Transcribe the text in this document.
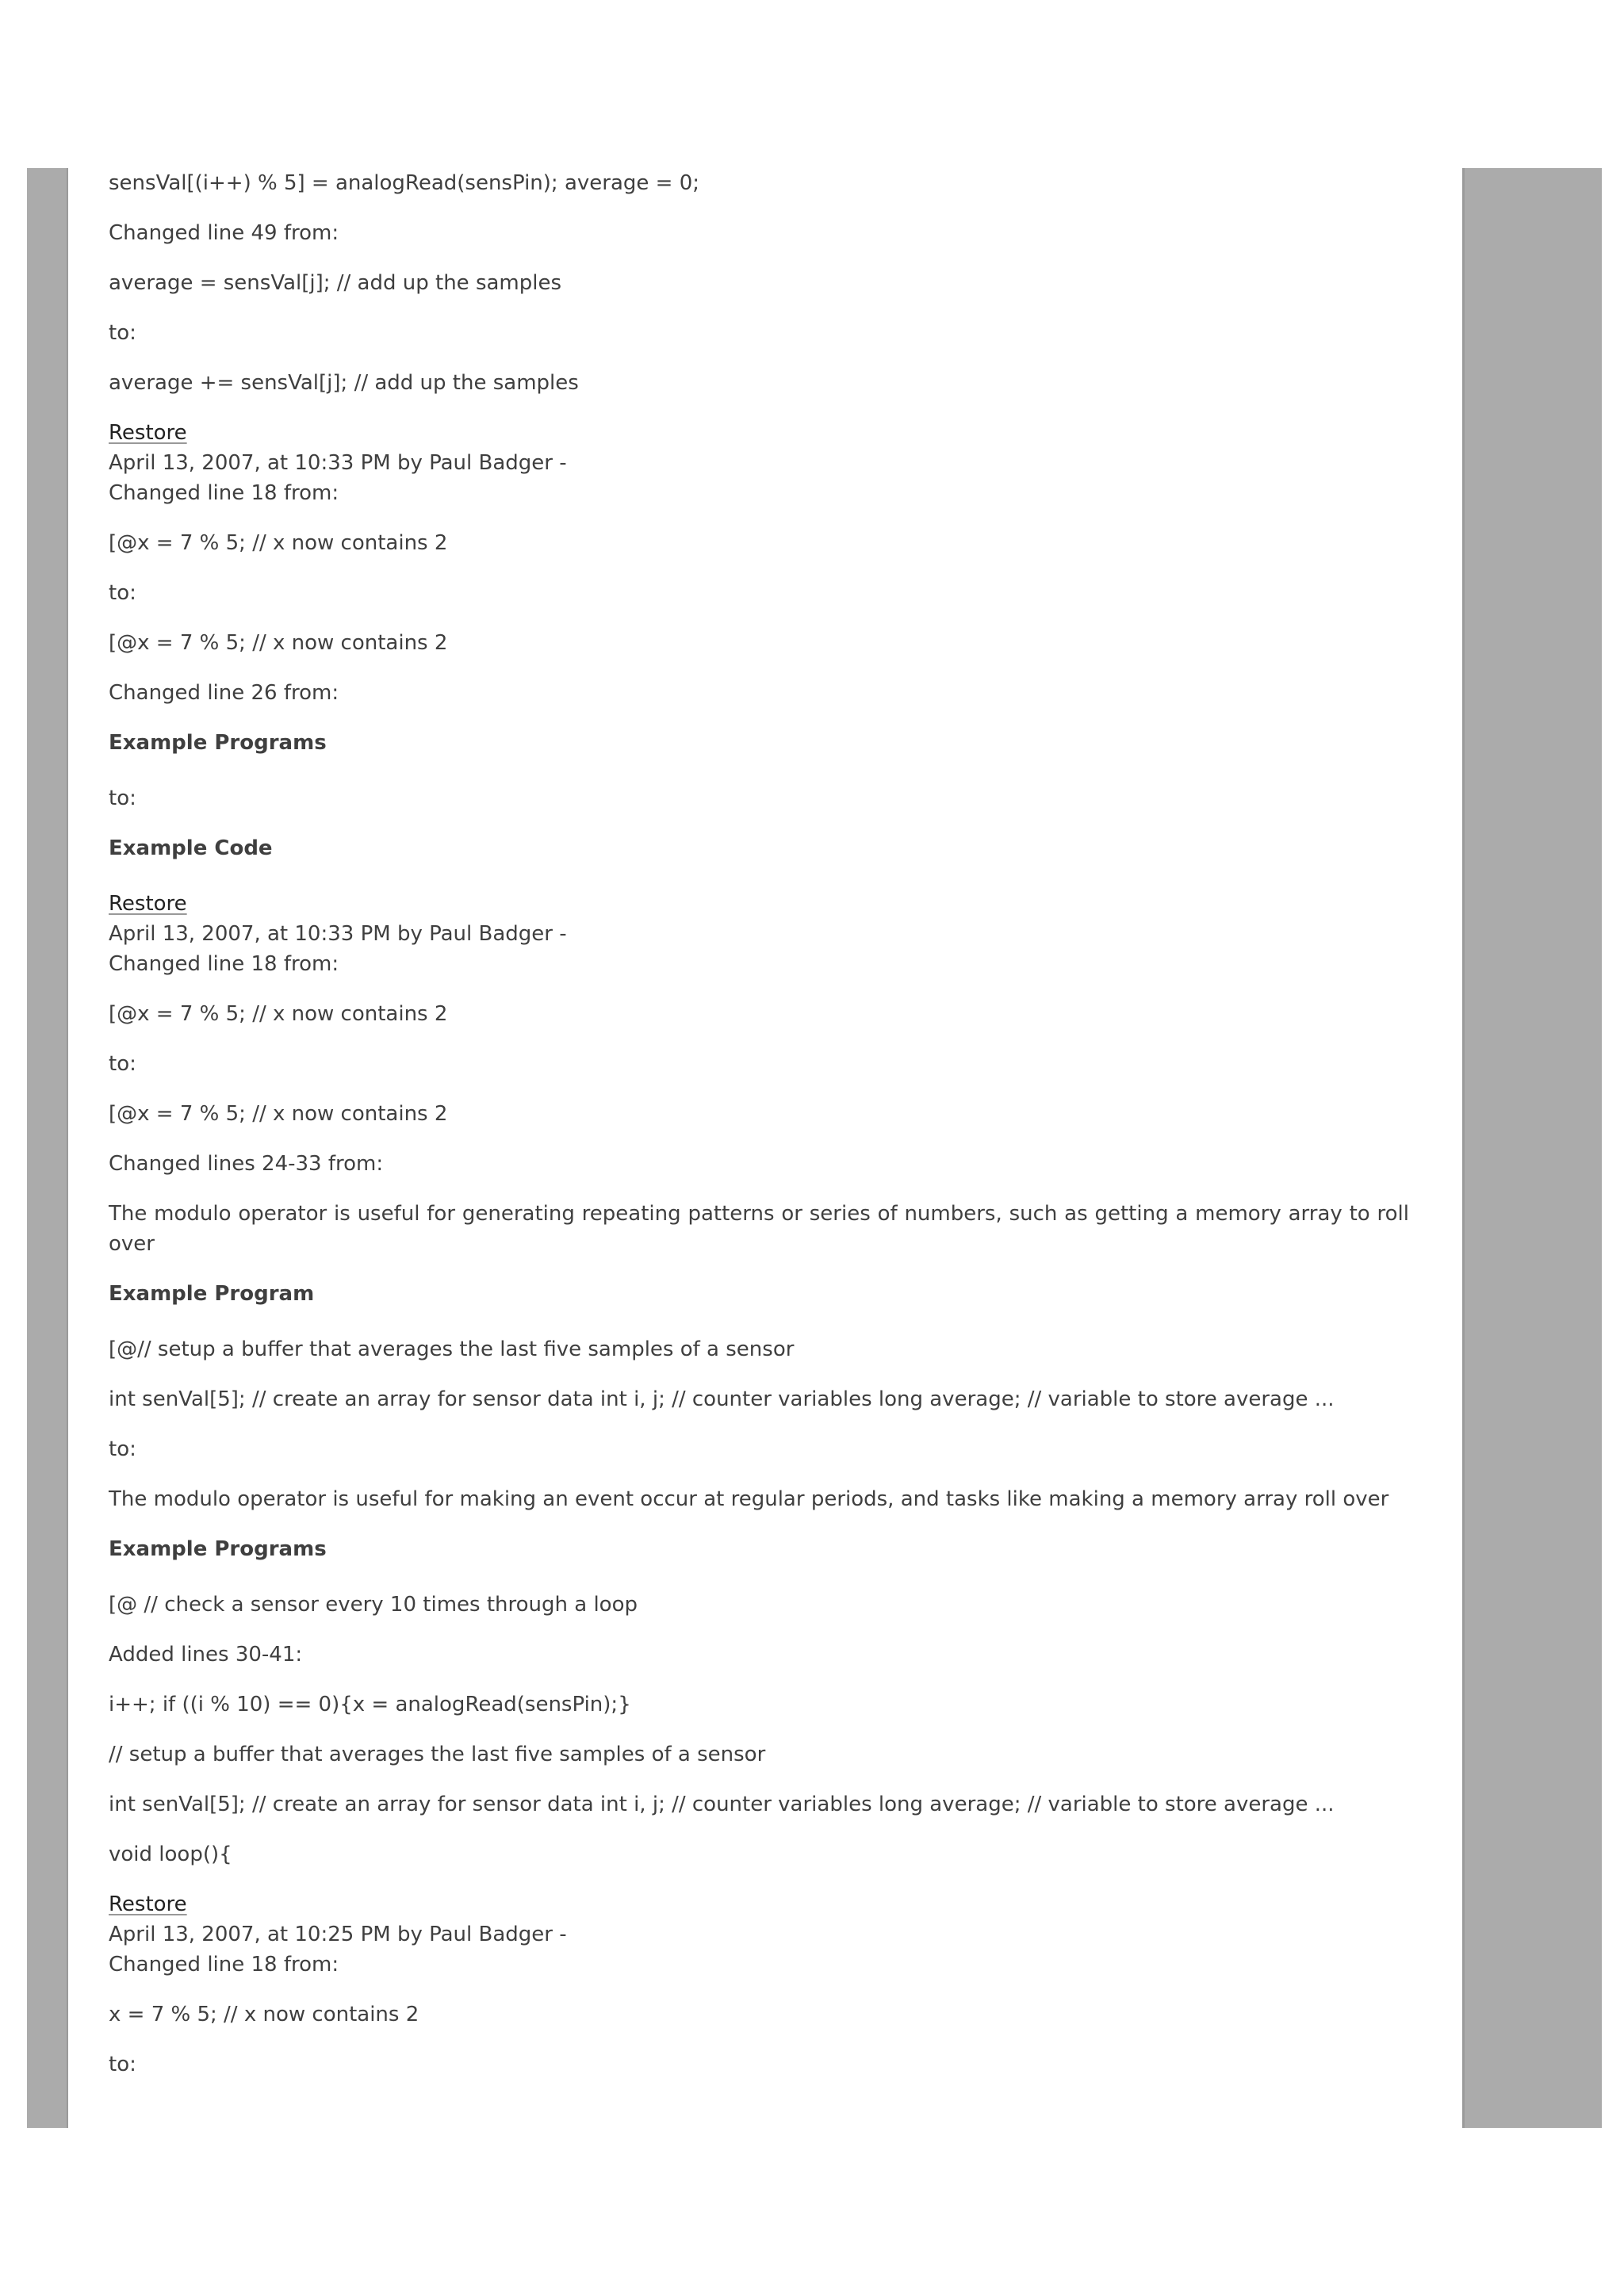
sensVal[(i++) % 5] = analogRead(sensPin); average = 0;

Changed line 49 from:

average = sensVal[j]; // add up the samples

to:

average += sensVal[j]; // add up the samples

Restore
April 13, 2007, at 10:33 PM by Paul Badger -
Changed line 18 from:

[@x = 7 % 5; // x now contains 2

to:

[@x = 7 % 5; // x now contains 2

Changed line 26 from:

Example Programs

to:

Example Code

Restore
April 13, 2007, at 10:33 PM by Paul Badger -
Changed line 18 from:

[@x = 7 % 5; // x now contains 2

to:

[@x = 7 % 5; // x now contains 2

Changed lines 24-33 from:

The modulo operator is useful for generating repeating patterns or series of numbers, such as getting a memory array to roll over

Example Program

[@// setup a buffer that averages the last five samples of a sensor

int senVal[5]; // create an array for sensor data int i, j; // counter variables long average; // variable to store average ...

to:

The modulo operator is useful for making an event occur at regular periods, and tasks like making a memory array roll over

Example Programs

[@ // check a sensor every 10 times through a loop

Added lines 30-41:

i++; if ((i % 10) == 0){x = analogRead(sensPin);}

// setup a buffer that averages the last five samples of a sensor

int senVal[5]; // create an array for sensor data int i, j; // counter variables long average; // variable to store average ...

void loop(){

Restore
April 13, 2007, at 10:25 PM by Paul Badger -
Changed line 18 from:

x = 7 % 5; // x now contains 2

to:
